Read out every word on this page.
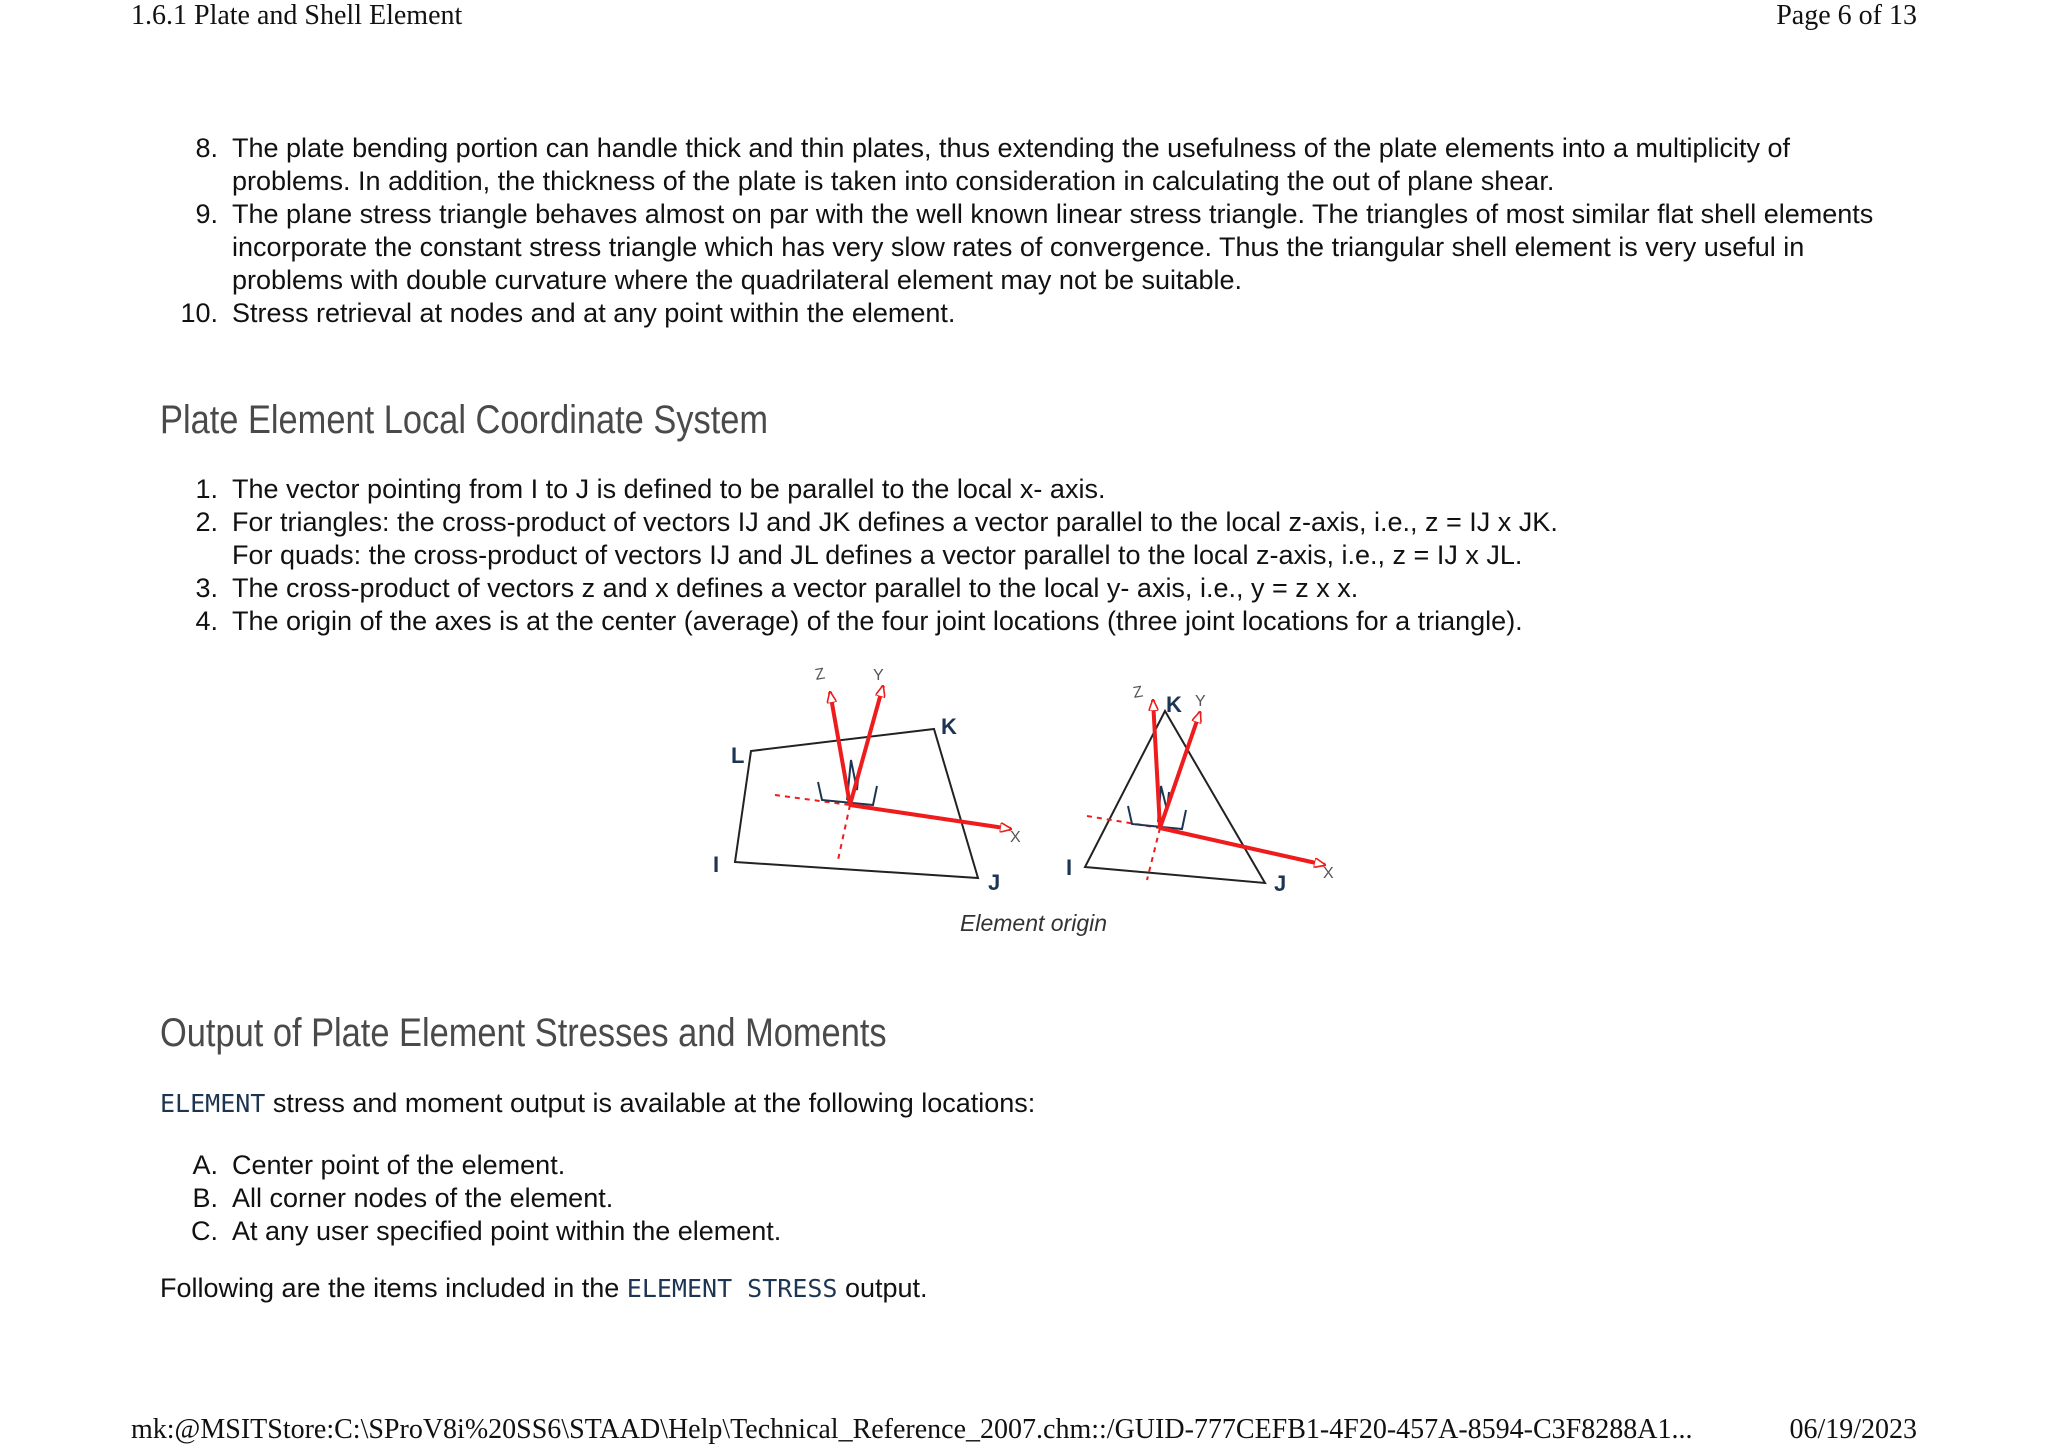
1.6.1 Plate and Shell Element	Page 6 of 13
8. The plate bending portion can handle thick and thin plates, thus extending the usefulness of the plate elements into a multiplicity of problems. In addition, the thickness of the plate is taken into consideration in calculating the out of plane shear.
9. The plane stress triangle behaves almost on par with the well known linear stress triangle. The triangles of most similar flat shell elements incorporate the constant stress triangle which has very slow rates of convergence. Thus the triangular shell element is very useful in problems with double curvature where the quadrilateral element may not be suitable.
10. Stress retrieval at nodes and at any point within the element.
Plate Element Local Coordinate System
1. The vector pointing from I to J is defined to be parallel to the local x- axis.
2. For triangles: the cross-product of vectors IJ and JK defines a vector parallel to the local z-axis, i.e., z = IJ x JK.
For quads: the cross-product of vectors IJ and JL defines a vector parallel to the local z-axis, i.e., z = IJ x JL.
3. The cross-product of vectors z and x defines a vector parallel to the local y- axis, i.e., y = z x x.
4. The origin of the axes is at the center (average) of the four joint locations (three joint locations for a triangle).
Z	Y
X
I
J
K
L
Z K Y
X
I
J
Element origin
Output of Plate Element Stresses and Moments
ELEMENT stress and moment output is available at the following locations:
A. Center point of the element.
B. All corner nodes of the element.
C. At any user specified point within the element.
Following are the items included in the ELEMENT STRESS output.
mk:@MSITStore:C:\SProV8i%20SS6\STAAD\Help\Technical_Reference_2007.chm::/GUID-777CEFB1-4F20-457A-8594-C3F8288A1...	06/19/2023
